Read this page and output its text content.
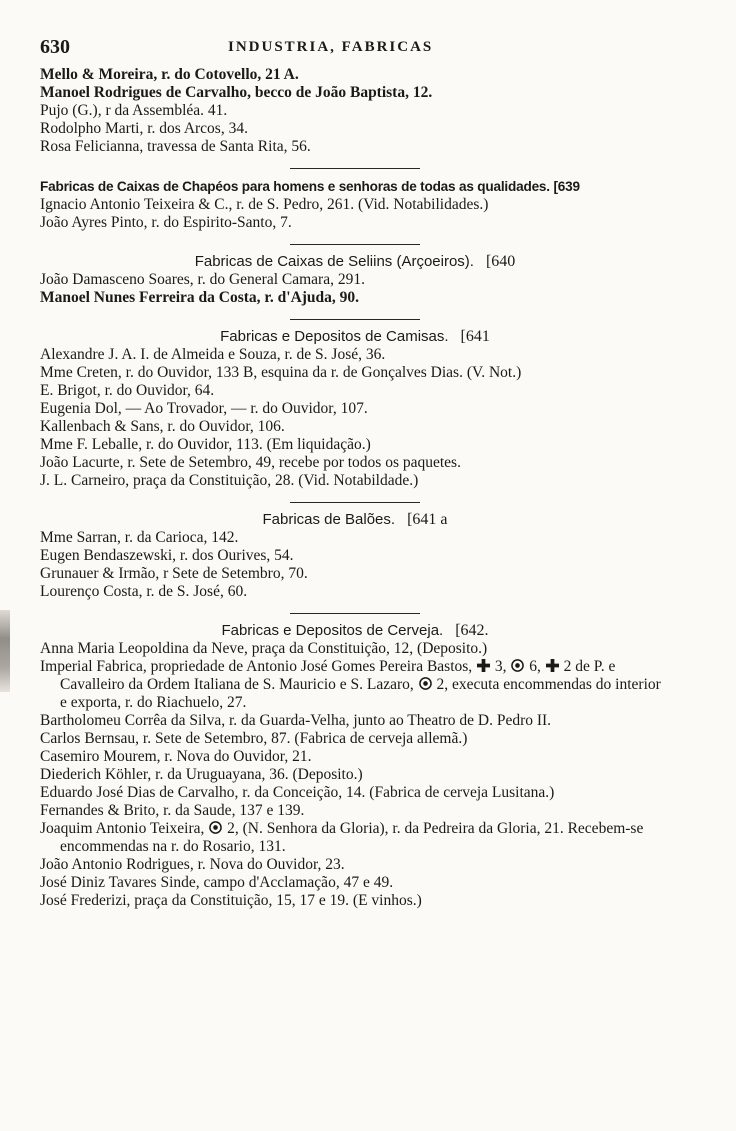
630	INDUSTRIA, FABRICAS

Mello & Moreira, r. do Cotovello, 21 A.

Manoel Rodrigues de Carvalho, becco de João Baptista, 12.

Pujo (G.), r da Assembléa. 41.

Rodolpho Marti, r. dos Arcos, 34.

Rosa Felicianna, travessa de Santa Rita, 56.

Fabricas de Caixas de Chapéos para homens e senhoras de todas as qualidades. [639

Ignacio Antonio Teixeira & C., r. de S. Pedro, 261. (Vid. Notabilidades.)

João Ayres Pinto, r. do Espirito-Santo, 7.

Fabricas de Caixas de Seliins (Arçoeiros). [640

João Damasceno Soares, r. do General Camara, 291.

Manoel Nunes Ferreira da Costa, r. d'Ajuda, 90.

Fabricas e Depositos de Camisas. [641

Alexandre J. A. I. de Almeida e Souza, r. de S. José, 36.

Mme Creten, r. do Ouvidor, 133 B, esquina da r. de Gonçalves Dias. (V. Not.)

E. Brigot, r. do Ouvidor, 64.

Eugenia Dol, — Ao Trovador, — r. do Ouvidor, 107.

Kallenbach & Sans, r. do Ouvidor, 106.

Mme F. Leballe, r. do Ouvidor, 113. (Em liquidação.)

João Lacurte, r. Sete de Setembro, 49, recebe por todos os paquetes.

J. L. Carneiro, praça da Constituição, 28. (Vid. Notabildade.)

Fabricas de Balões. [641 a

Mme Sarran, r. da Carioca, 142.

Eugen Bendaszewski, r. dos Ourives, 54.

Grunauer & Irmão, r Sete de Setembro, 70.

Lourenço Costa, r. de S. José, 60.

Fabricas e Depositos de Cerveja. [642.

Anna Maria Leopoldina da Neve, praça da Constituição, 12, (Deposito.)

Imperial Fabrica, propriedade de Antonio José Gomes Pereira Bastos, 3, 6, 2 de P. e Cavalleiro da Ordem Italiana de S. Mauricio e S. Lazaro, 2, executa encommendas do interior e exporta, r. do Riachuelo, 27.

Bartholomeu Corrêa da Silva, r. da Guarda-Velha, junto ao Theatro de D. Pedro II.

Carlos Bernsau, r. Sete de Setembro, 87. (Fabrica de cerveja allemã.)

Casemiro Mourem, r. Nova do Ouvidor, 21.

Diederich Köhler, r. da Uruguayana, 36. (Deposito.)

Eduardo José Dias de Carvalho, r. da Conceição, 14. (Fabrica de cerveja Lusitana.)

Fernandes & Brito, r. da Saude, 137 e 139.

Joaquim Antonio Teixeira, 2, (N. Senhora da Gloria), r. da Pedreira da Gloria, 21. Recebem-se encommendas na r. do Rosario, 131.

João Antonio Rodrigues, r. Nova do Ouvidor, 23.

José Diniz Tavares Sinde, campo d'Acclamação, 47 e 49.

José Frederizi, praça da Constituição, 15, 17 e 19. (E vinhos.)
